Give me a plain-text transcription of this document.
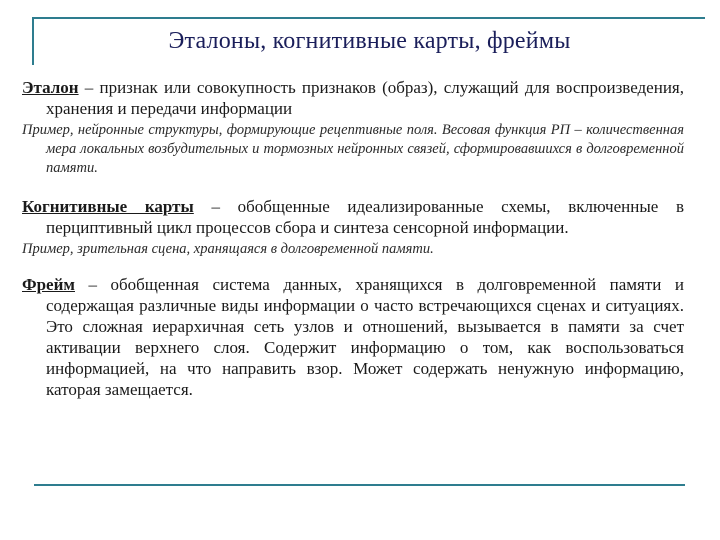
Эталоны, когнитивные карты, фреймы

Эталон – признак или совокупность признаков (образ), служащий для воспроизведения, хранения и передачи информации

Пример, нейронные структуры, формирующие рецептивные поля. Весовая функция РП – количественная мера локальных возбудительных и тормозных нейронных связей, сформировавшихся в долговременной памяти.

Когнитивные карты – обобщенные идеализированные схемы, включенные в перциптивный цикл процессов сбора и синтеза сенсорной информации.

Пример, зрительная сцена, хранящаяся в долговременной памяти.

Фрейм – обобщенная система данных, хранящихся в долговременной памяти и содержащая различные виды информации о часто встречающихся сценах и ситуациях. Это сложная иерархичная сеть узлов и отношений, вызывается в памяти за счет активации верхнего слоя. Содержит информацию о том, как воспользоваться информацией, на что направить взор. Может содержать ненужную информацию, каторая замещается.
